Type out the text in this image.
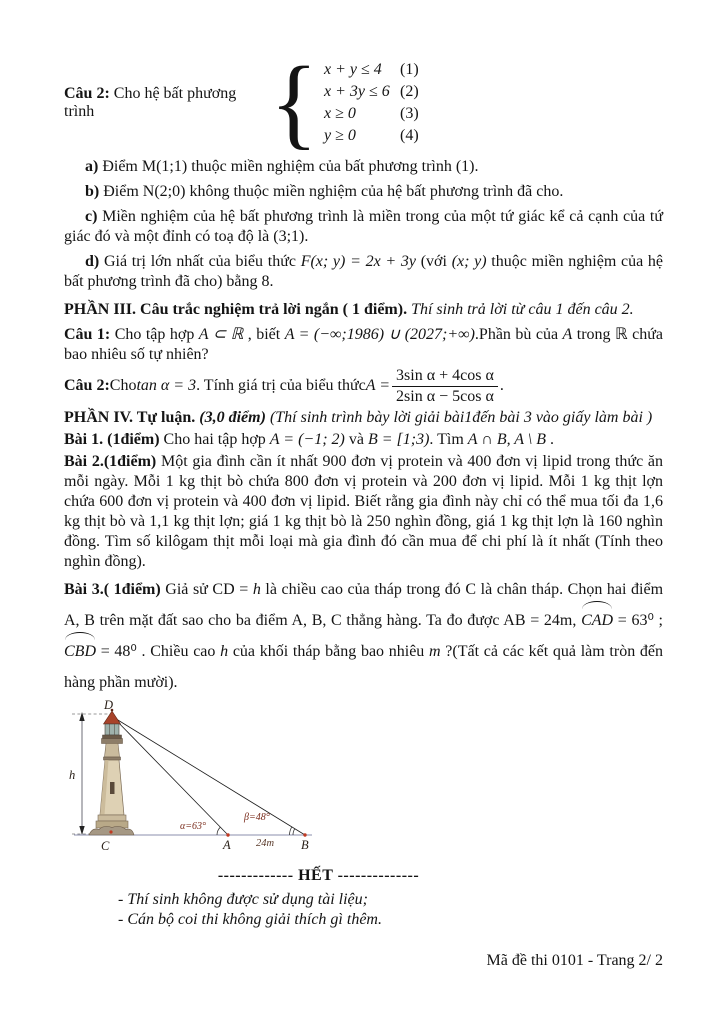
Câu 2: Cho hệ bất phương trình	{ x + y ≤ 4 (1)
x + 3y ≤ 6 (2)
x ≥ 0	(3)
y ≥ 0	(4)

a) Điểm M(1;1) thuộc miền nghiệm của bất phương trình (1).

b) Điểm N(2;0) không thuộc miền nghiệm của hệ bất phương trình đã cho.

c) Miền nghiệm của hệ bất phương trình là miền trong của một tứ giác kể cả cạnh của tứ giác đó và một đỉnh có toạ độ là (3;1).

d) Giá trị lớn nhất của biểu thức F(x; y) = 2x + 3y (với (x; y) thuộc miền nghiệm của hệ bất phương trình đã cho) bằng 8.

PHẦN III. Câu trắc nghiệm trả lời ngắn ( 1 điểm). Thí sinh trả lời từ câu 1 đến câu 2.

Câu 1: Cho tập hợp A ⊂ ℝ , biết A = (−∞;1986) ∪ (2027;+∞).Phần bù của A trong ℝ chứa bao nhiêu số tự nhiên?

Câu 2: Cho tan α = 3 . Tính giá trị của biểu thức $A = \frac{\text{3sin α + 4cos α}}{\text{2sin α − 5cos α}}$ .

PHẦN IV. Tự luận. (3,0 điểm) (Thí sinh trình bày lời giải bài1đến bài 3 vào giấy làm bài )

Bài 1. (1điểm) Cho hai tập hợp A = (−1; 2) và B = [1;3). Tìm A ∩ B, A \ B .

Bài 2.(1điểm) Một gia đình cần ít nhất 900 đơn vị protein và 400 đơn vị lipid trong thức ăn mỗi ngày. Mỗi 1 kg thịt bò chứa 800 đơn vị protein và 200 đơn vị lipid. Mỗi 1 kg thịt lợn chứa 600 đơn vị protein và 400 đơn vị lipid. Biết rằng gia đình này chỉ có thể mua tối đa 1,6 kg thịt bò và 1,1 kg thịt lợn; giá 1 kg thịt bò là 250 nghìn đồng, giá 1 kg thịt lợn là 160 nghìn đồng. Tìm số kilôgam thịt mỗi loại mà gia đình đó cần mua để chi phí là ít nhất (Tính theo nghìn đồng).

Bài 3.( 1điểm) Giả sử CD = h là chiều cao của tháp trong đó C là chân tháp. Chọn hai điểm A, B trên mặt đất sao cho ba điểm A, B, C thẳng hàng. Ta đo được AB = 24m, CAD = 63⁰ ; CBD = 48⁰ . Chiều cao h của khối tháp bằng bao nhiêu m ?(Tất cả các kết quả làm tròn đến hàng phần mười).

D
C	A	B
h
α=63°
β=48°
24m

------------- HẾT --------------

- Thí sinh không được sử dụng tài liệu;

- Cán bộ coi thi không giải thích gì thêm.

Mã đề thi 0101 - Trang 2/ 2
